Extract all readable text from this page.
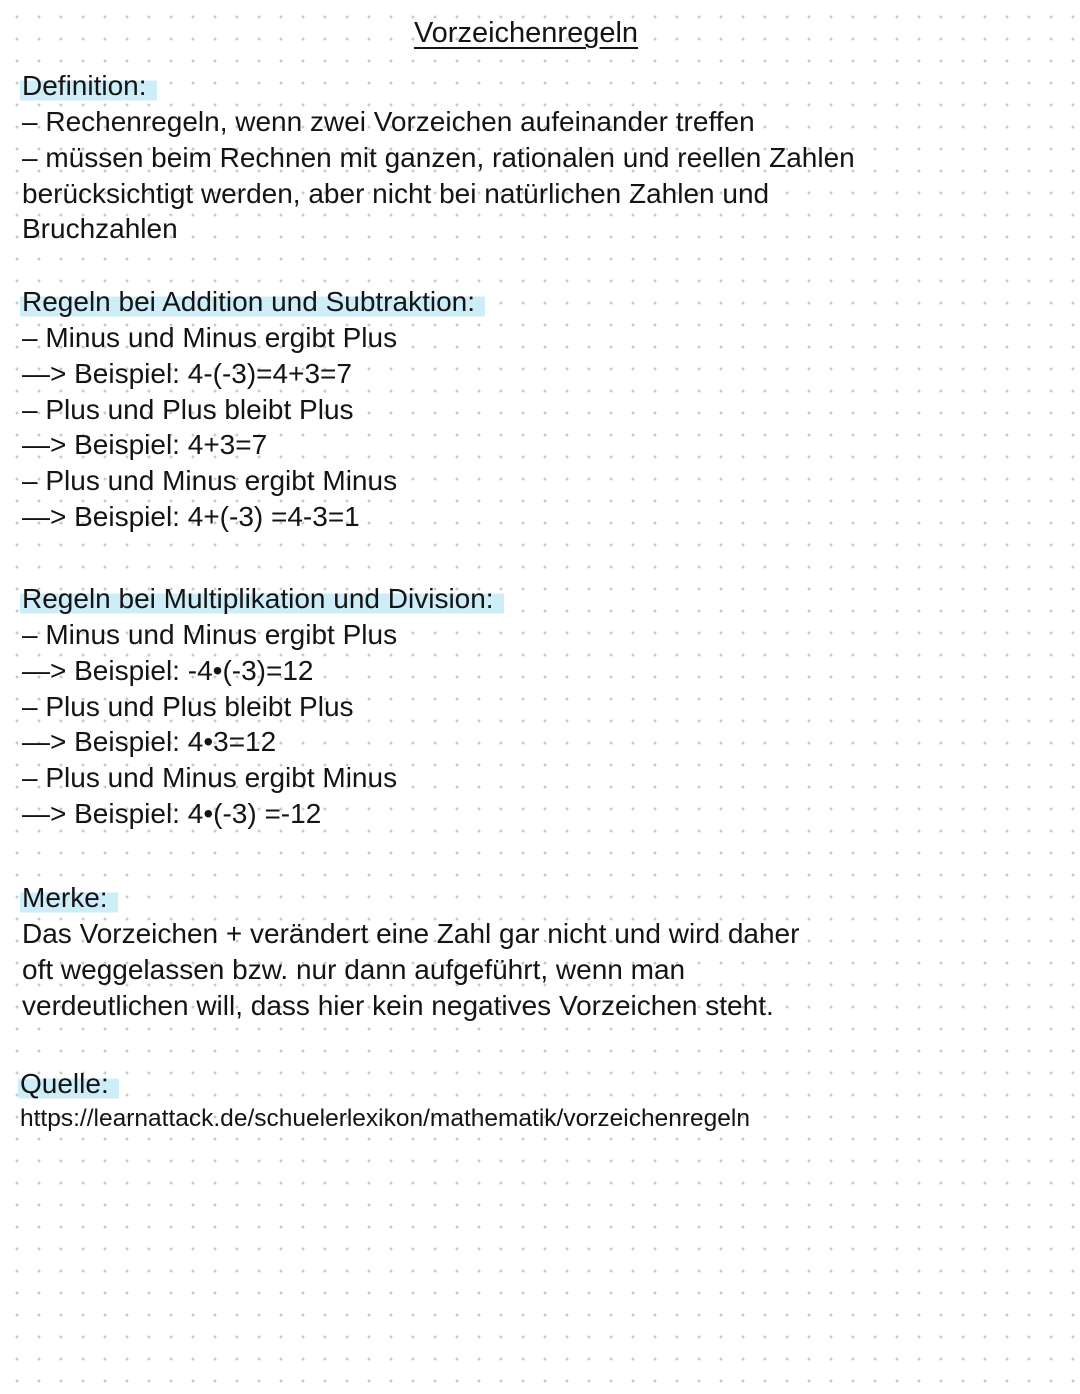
Vorzeichenregeln
Definition:
– Rechenregeln, wenn zwei Vorzeichen aufeinander treffen
– müssen beim Rechnen mit ganzen, rationalen und reellen Zahlen
berücksichtigt werden, aber nicht bei natürlichen Zahlen und
Bruchzahlen
Regeln bei Addition und Subtraktion:
– Minus und Minus ergibt Plus
—> Beispiel: 4-(-3)=4+3=7
– Plus und Plus bleibt Plus
—> Beispiel: 4+3=7
– Plus und Minus ergibt Minus
—> Beispiel: 4+(-3) =4-3=1
Regeln bei Multiplikation und Division:
– Minus und Minus ergibt Plus
—> Beispiel: -4•(-3)=12
– Plus und Plus bleibt Plus
—> Beispiel: 4•3=12
– Plus und Minus ergibt Minus
—> Beispiel: 4•(-3) =-12
Merke:
Das Vorzeichen + verändert eine Zahl gar nicht und wird daher
oft weggelassen bzw. nur dann aufgeführt, wenn man
verdeutlichen will, dass hier kein negatives Vorzeichen steht.
Quelle:
https://learnattack.de/schuelerlexikon/mathematik/vorzeichenregeln
